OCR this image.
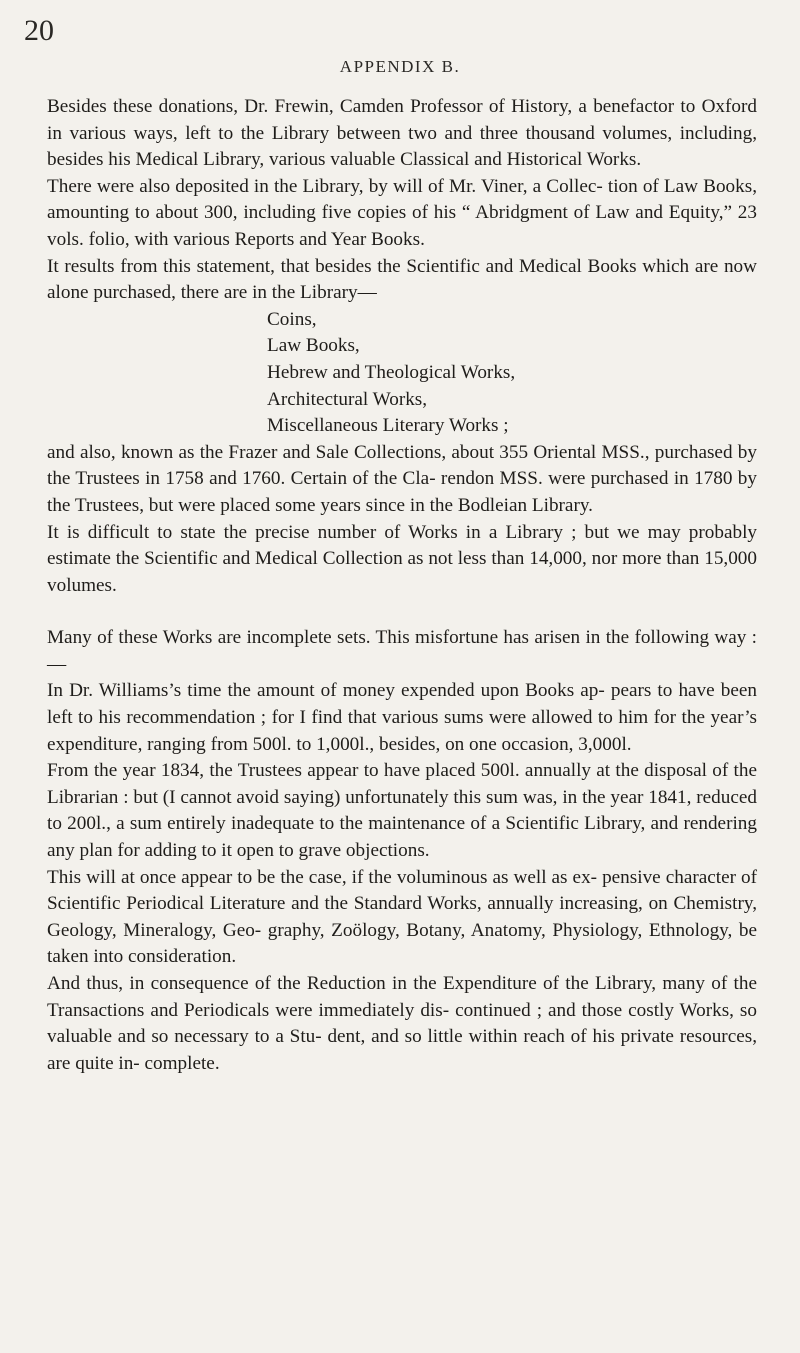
20
APPENDIX B.

Besides these donations, Dr. Frewin, Camden Professor of History, a benefactor to Oxford in various ways, left to the Library between two and three thousand volumes, including, besides his Medical Library, various valuable Classical and Historical Works.

There were also deposited in the Library, by will of Mr. Viner, a Collec- tion of Law Books, amounting to about 300, including five copies of his “ Abridgment of Law and Equity,” 23 vols. folio, with various Reports and Year Books.

It results from this statement, that besides the Scientific and Medical Books which are now alone purchased, there are in the Library—

Coins,
Law Books,
Hebrew and Theological Works,
Architectural Works,
Miscellaneous Literary Works ;

and also, known as the Frazer and Sale Collections, about 355 Oriental MSS., purchased by the Trustees in 1758 and 1760. Certain of the Cla- rendon MSS. were purchased in 1780 by the Trustees, but were placed some years since in the Bodleian Library.

It is difficult to state the precise number of Works in a Library ; but we may probably estimate the Scientific and Medical Collection as not less than 14,000, nor more than 15,000 volumes.

Many of these Works are incomplete sets. This misfortune has arisen in the following way :—

In Dr. Williams’s time the amount of money expended upon Books ap- pears to have been left to his recommendation ; for I find that various sums were allowed to him for the year’s expenditure, ranging from 500l. to 1,000l., besides, on one occasion, 3,000l.

From the year 1834, the Trustees appear to have placed 500l. annually at the disposal of the Librarian : but (I cannot avoid saying) unfortunately this sum was, in the year 1841, reduced to 200l., a sum entirely inadequate to the maintenance of a Scientific Library, and rendering any plan for adding to it open to grave objections.

This will at once appear to be the case, if the voluminous as well as ex- pensive character of Scientific Periodical Literature and the Standard Works, annually increasing, on Chemistry, Geology, Mineralogy, Geo- graphy, Zoölogy, Botany, Anatomy, Physiology, Ethnology, be taken into consideration.

And thus, in consequence of the Reduction in the Expenditure of the Library, many of the Transactions and Periodicals were immediately dis- continued ; and those costly Works, so valuable and so necessary to a Stu- dent, and so little within reach of his private resources, are quite in- complete.
